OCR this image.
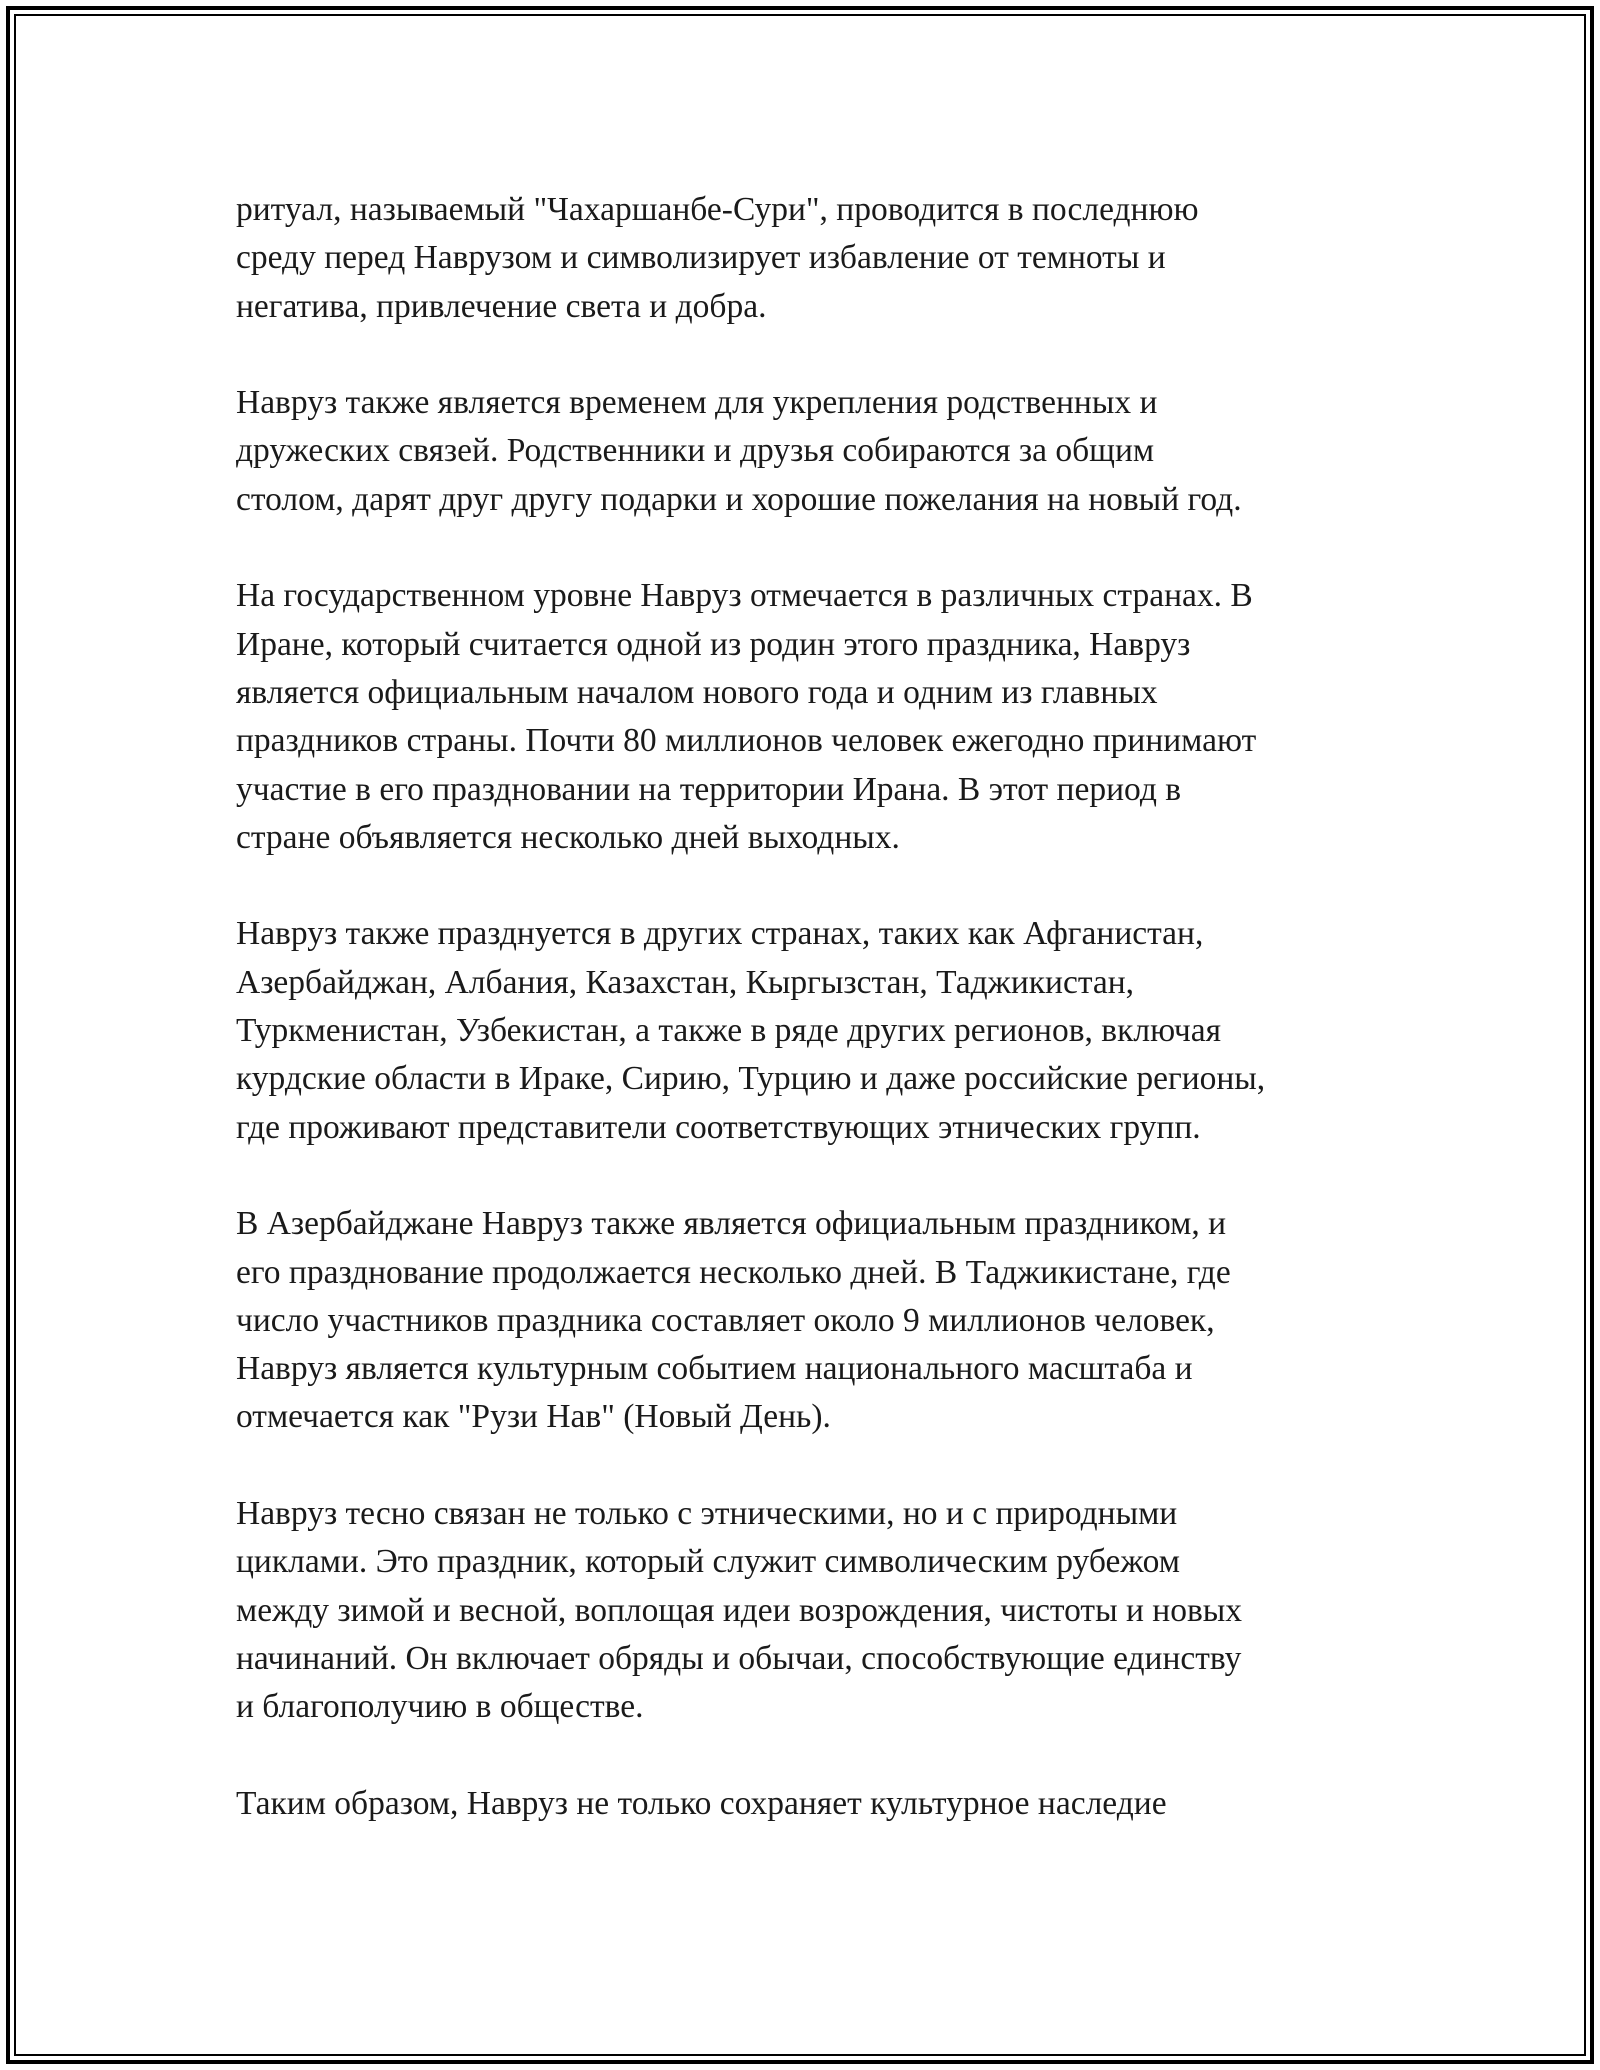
ритуал, называемый "Чахаршанбе-Сури", проводится в последнюю
среду перед Наврузом и символизирует избавление от темноты и
негатива, привлечение света и добра.
Навруз также является временем для укрепления родственных и
дружеских связей. Родственники и друзья собираются за общим
столом, дарят друг другу подарки и хорошие пожелания на новый год.
На государственном уровне Навруз отмечается в различных странах. В
Иране, который считается одной из родин этого праздника, Навруз
является официальным началом нового года и одним из главных
праздников страны. Почти 80 миллионов человек ежегодно принимают
участие в его праздновании на территории Ирана. В этот период в
стране объявляется несколько дней выходных.
Навруз также празднуется в других странах, таких как Афганистан,
Азербайджан, Албания, Казахстан, Кыргызстан, Таджикистан,
Туркменистан, Узбекистан, а также в ряде других регионов, включая
курдские области в Ираке, Сирию, Турцию и даже российские регионы,
где проживают представители соответствующих этнических групп.
В Азербайджане Навруз также является официальным праздником, и
его празднование продолжается несколько дней. В Таджикистане, где
число участников праздника составляет около 9 миллионов человек,
Навруз является культурным событием национального масштаба и
отмечается как "Рузи Нав" (Новый День).
Навруз тесно связан не только с этническими, но и с природными
циклами. Это праздник, который служит символическим рубежом
между зимой и весной, воплощая идеи возрождения, чистоты и новых
начинаний. Он включает обряды и обычаи, способствующие единству
и благополучию в обществе.
Таким образом, Навруз не только сохраняет культурное наследие
